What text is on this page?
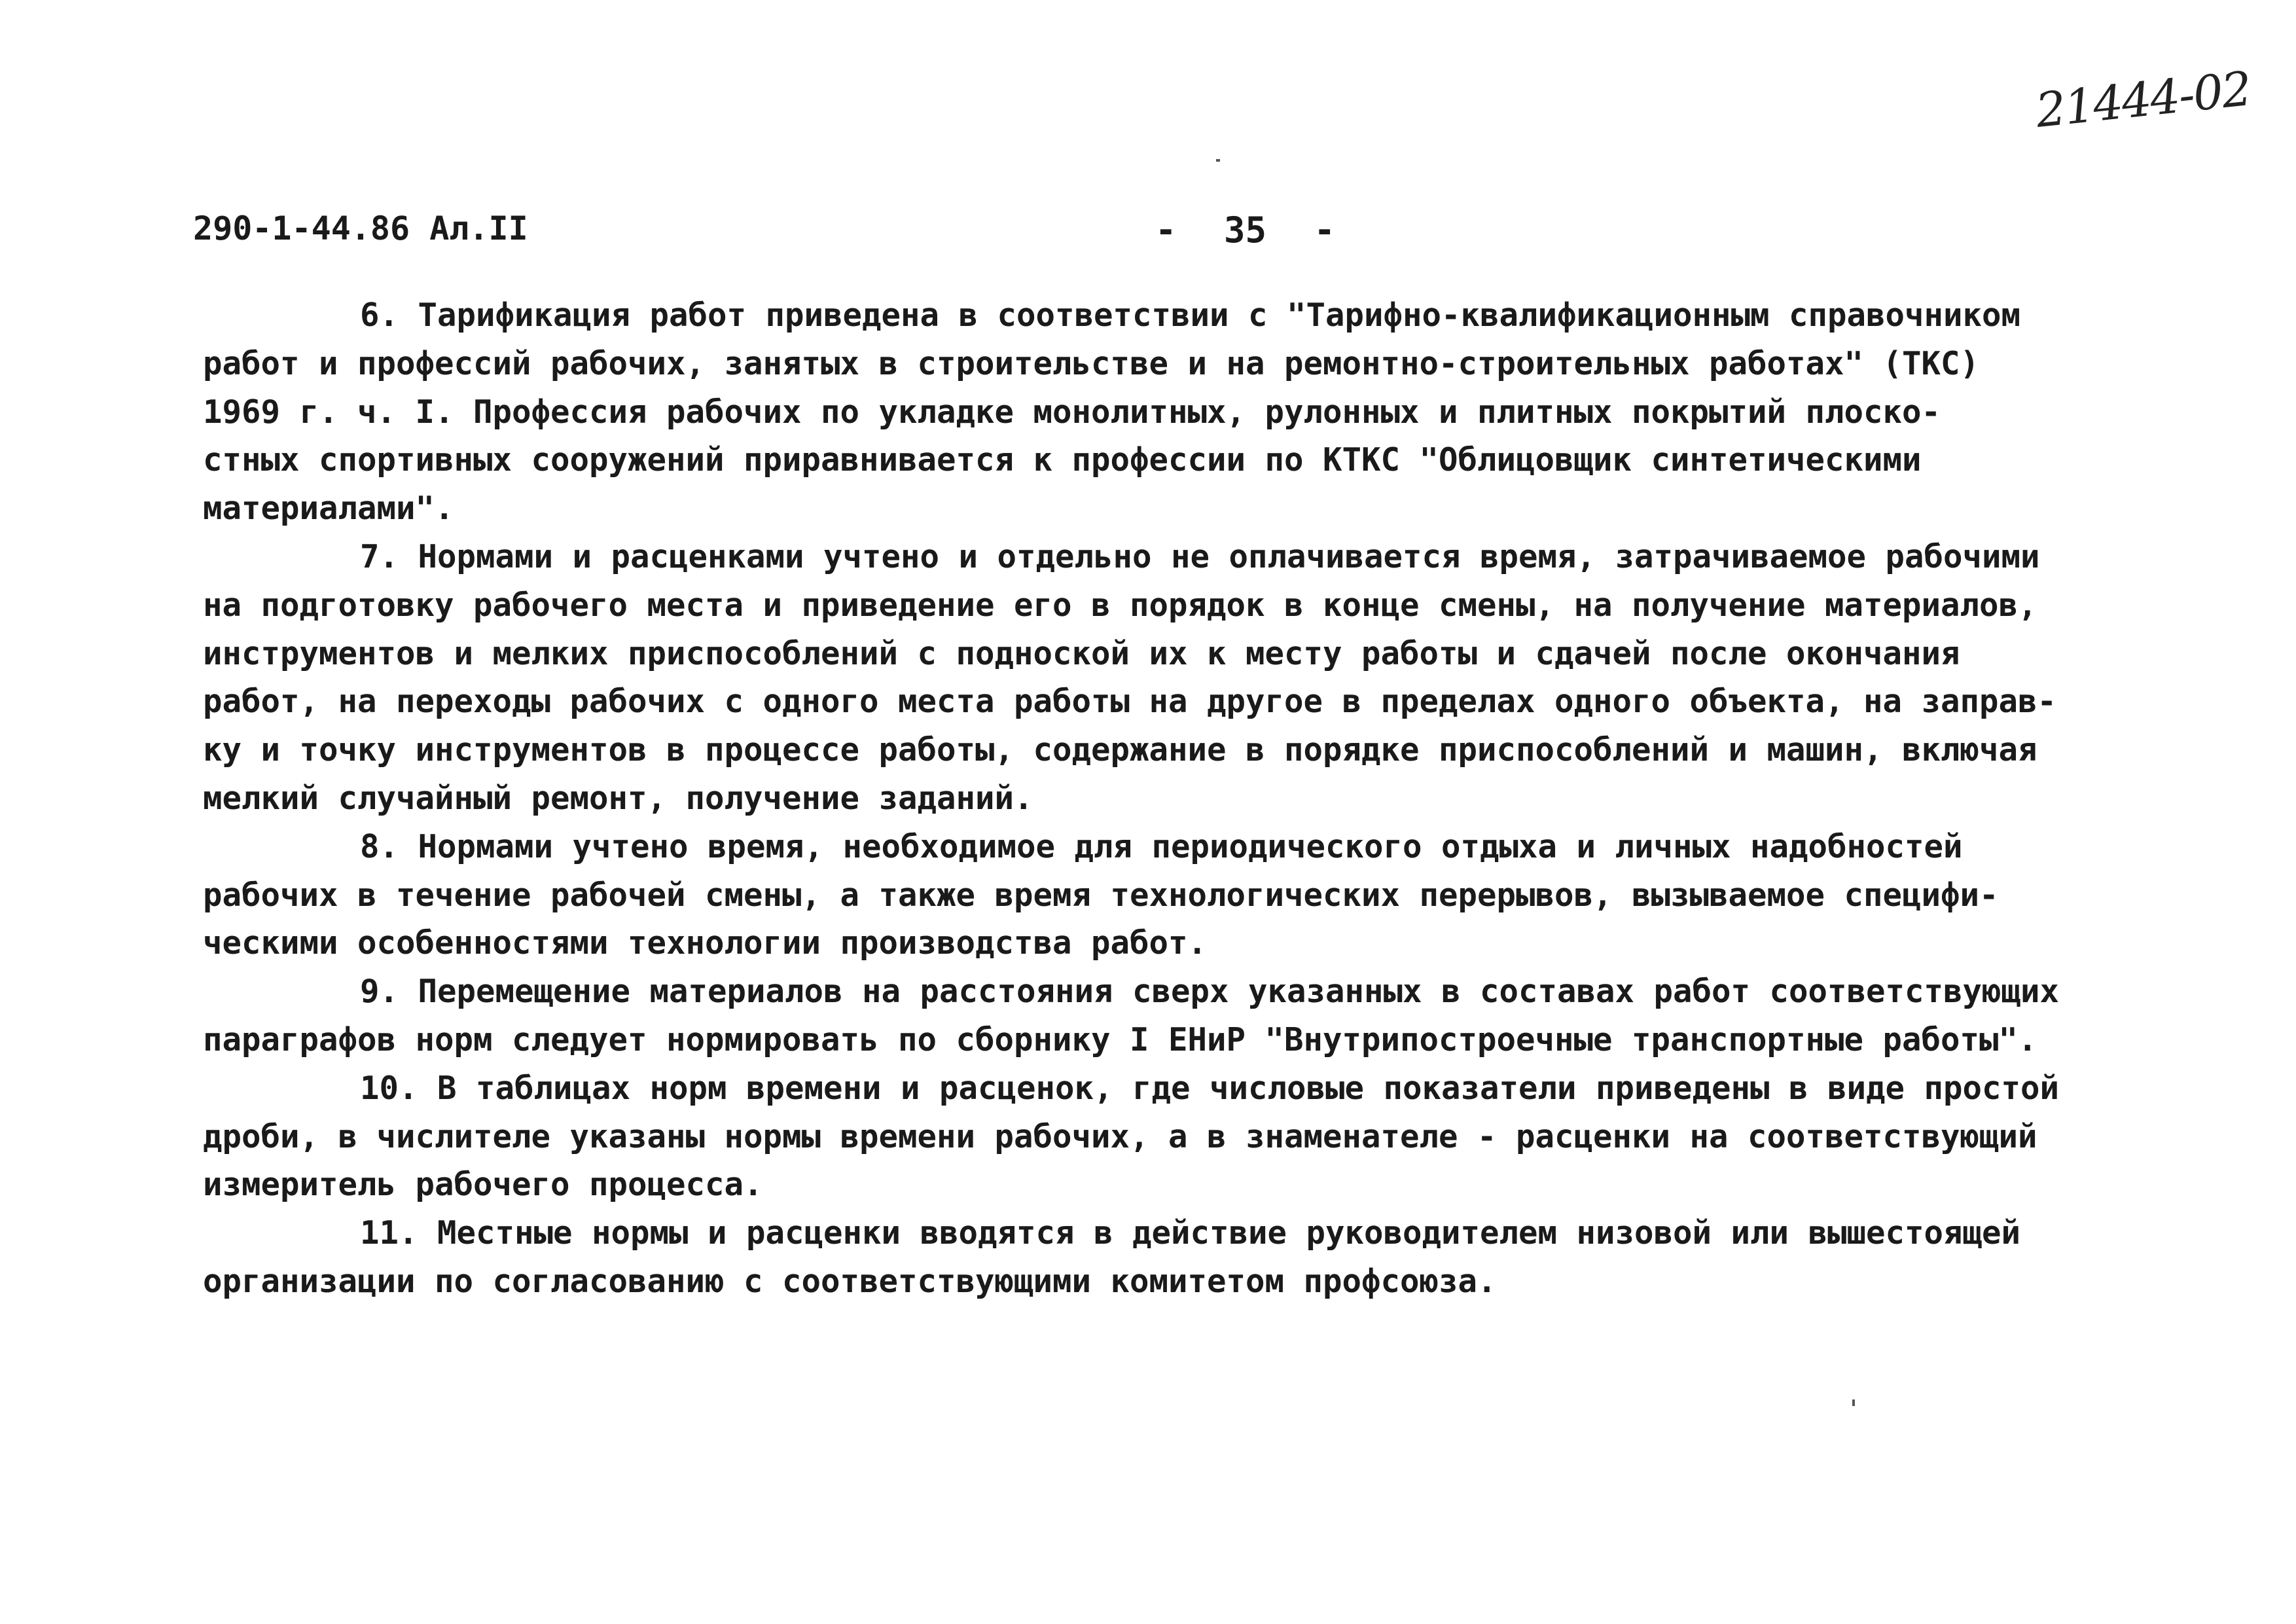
21444-02
290-1-44.86 Ал.II	- 35 -
6. Тарификация работ приведена в соответствии с "Тарифно-квалификационным справочником
работ и профессий рабочих, занятых в строительстве и на ремонтно-строительных работах" (ТКС)
1969 г. ч. I. Профессия рабочих по укладке монолитных, рулонных и плитных покрытий плоско-
стных спортивных сооружений приравнивается к профессии по КТКС "Облицовщик синтетическими
материалами".
7. Нормами и расценками учтено и отдельно не оплачивается время, затрачиваемое рабочими
на подготовку рабочего места и приведение его в порядок в конце смены, на получение материалов,
инструментов и мелких приспособлений с подноской их к месту работы и сдачей после окончания
работ, на переходы рабочих с одного места работы на другое в пределах одного объекта, на заправ-
ку и точку инструментов в процессе работы, содержание в порядке приспособлений и машин, включая
мелкий случайный ремонт, получение заданий.
8. Нормами учтено время, необходимое для периодического отдыха и личных надобностей
рабочих в течение рабочей смены, а также время технологических перерывов, вызываемое специфи-
ческими особенностями технологии производства работ.
9. Перемещение материалов на расстояния сверх указанных в составах работ соответствующих
параграфов норм следует нормировать по сборнику I ЕНиР "Внутрипостроечные транспортные работы".
10. В таблицах норм времени и расценок, где числовые показатели приведены в виде простой
дроби, в числителе указаны нормы времени рабочих, а в знаменателе - расценки на соответствующий
измеритель рабочего процесса.
11. Местные нормы и расценки вводятся в действие руководителем низовой или вышестоящей
организации по согласованию с соответствующими комитетом профсоюза.
